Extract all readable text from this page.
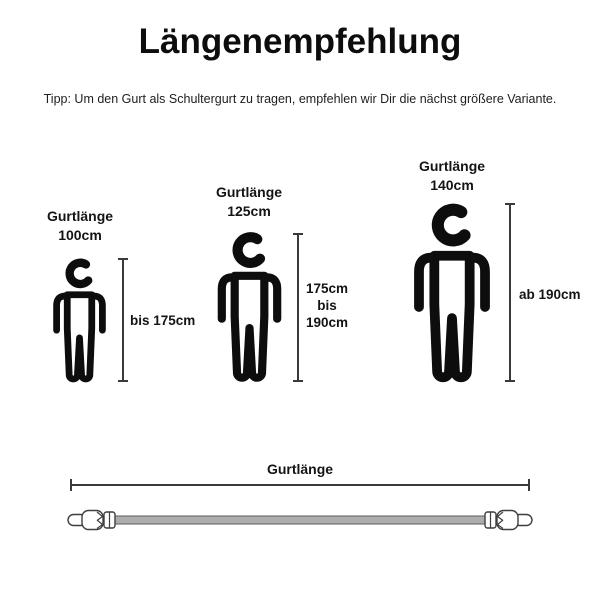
Längenempfehlung
Tipp: Um den Gurt als Schultergurt zu tragen, empfehlen wir Dir die nächst größere Variante.
Gurtlänge
100cm
bis 175cm
Gurtlänge
125cm
175cm
bis
190cm
Gurtlänge
140cm
ab 190cm
Gurtlänge
